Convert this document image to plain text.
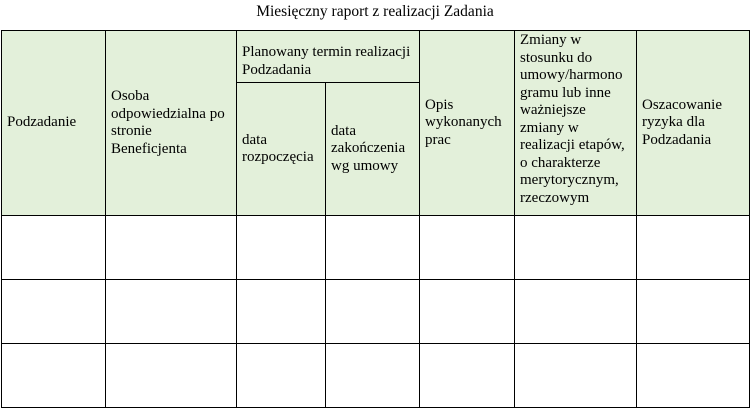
Miesięczny raport z realizacji Zadania
Podzadanie	Osoba odpowiedzialna po stronie Beneficjenta	Planowany termin realizacji Podzadania		Opis wykonanych prac	Zmiany w stosunku do umowy/harmono gramu lub inne ważniejsze zmiany w realizacji etapów, o charakterze merytorycznym, rzeczowym	Oszacowanie ryzyka dla Podzadania
		data rozpoczęcia	data zakończenia wg umowy			
